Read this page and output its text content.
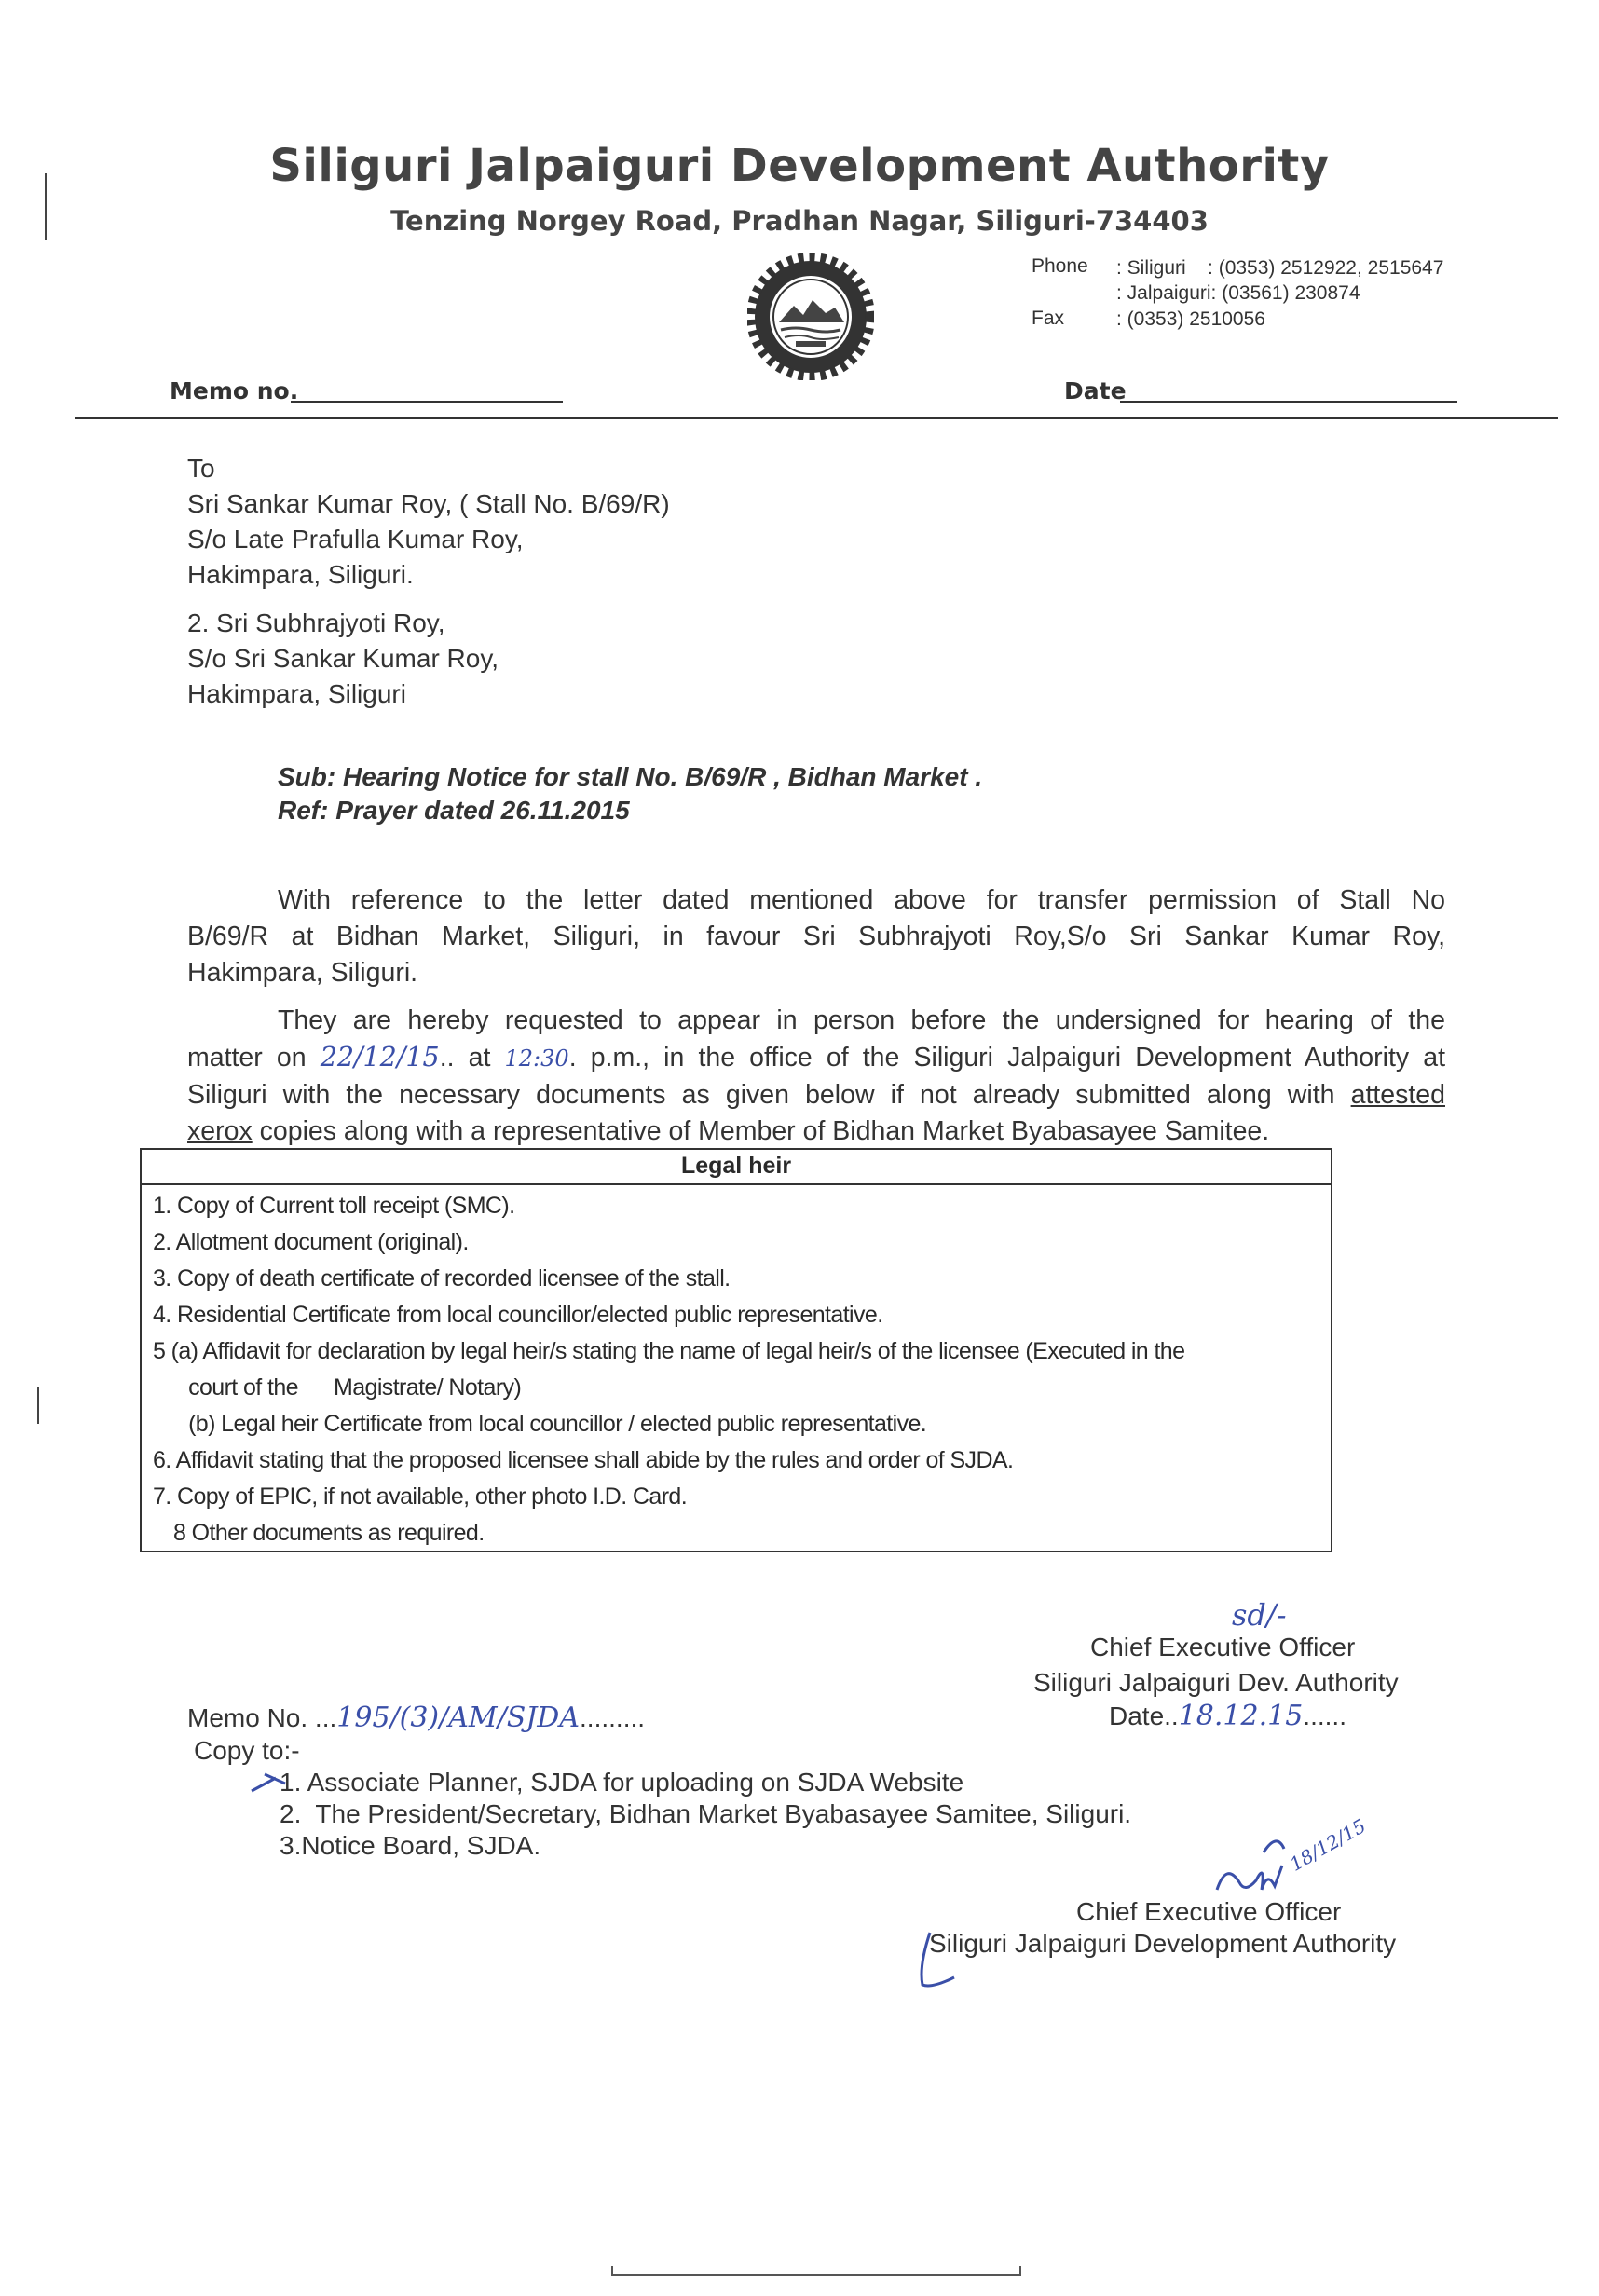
Siliguri Jalpaiguri Development Authority
Tenzing Norgey Road, Pradhan Nagar, Siliguri-734403
Phone : Siliguri    : (0353) 2512922, 2515647
: Jalpaiguri: (03561) 230874
Fax	: (0353) 2510056
Memo no.	Date
To
Sri Sankar Kumar Roy, ( Stall No. B/69/R)
S/o Late Prafulla Kumar Roy,
Hakimpara, Siliguri.
2. Sri Subhrajyoti Roy,
S/o Sri Sankar Kumar Roy,
Hakimpara, Siliguri
Sub: Hearing Notice for stall No. B/69/R , Bidhan Market .
Ref: Prayer dated 26.11.2015
With reference to the letter dated mentioned above for transfer permission of Stall No
B/69/R at Bidhan Market, Siliguri, in favour Sri Subhrajyoti Roy,S/o Sri Sankar Kumar Roy,
Hakimpara, Siliguri.
They are hereby requested to appear in person before the undersigned for hearing of the
matter on 22/12/15.. at 12:30. p.m., in the office of the Siliguri Jalpaiguri Development Authority at
Siliguri with the necessary documents as given below if not already submitted along with attested
xerox copies along with a representative of Member of Bidhan Market Byabasayee Samitee.
Legal heir
1. Copy of Current toll receipt (SMC).
2. Allotment document (original).
3. Copy of death certificate of recorded licensee of the stall.
4. Residential Certificate from local councillor/elected public representative.
5 (a) Affidavit for declaration by legal heir/s stating the name of legal heir/s of the licensee (Executed in the
court of the      Magistrate/ Notary)
(b) Legal heir Certificate from local councillor / elected public representative.
6. Affidavit stating that the proposed licensee shall abide by the rules and order of SJDA.
7. Copy of EPIC, if not available, other photo I.D. Card.
8 Other documents as required.
sd/-
Chief Executive Officer
Siliguri Jalpaiguri Dev. Authority
Date..18.12.15......
Memo No. ...195/(3)/AM/SJDA.........
Copy to:-
1. Associate Planner, SJDA for uploading on SJDA Website
2.  The President/Secretary, Bidhan Market Byabasayee Samitee, Siliguri.
3.Notice Board, SJDA.	18/12/15
Chief Executive Officer
Siliguri Jalpaiguri Development Authority
